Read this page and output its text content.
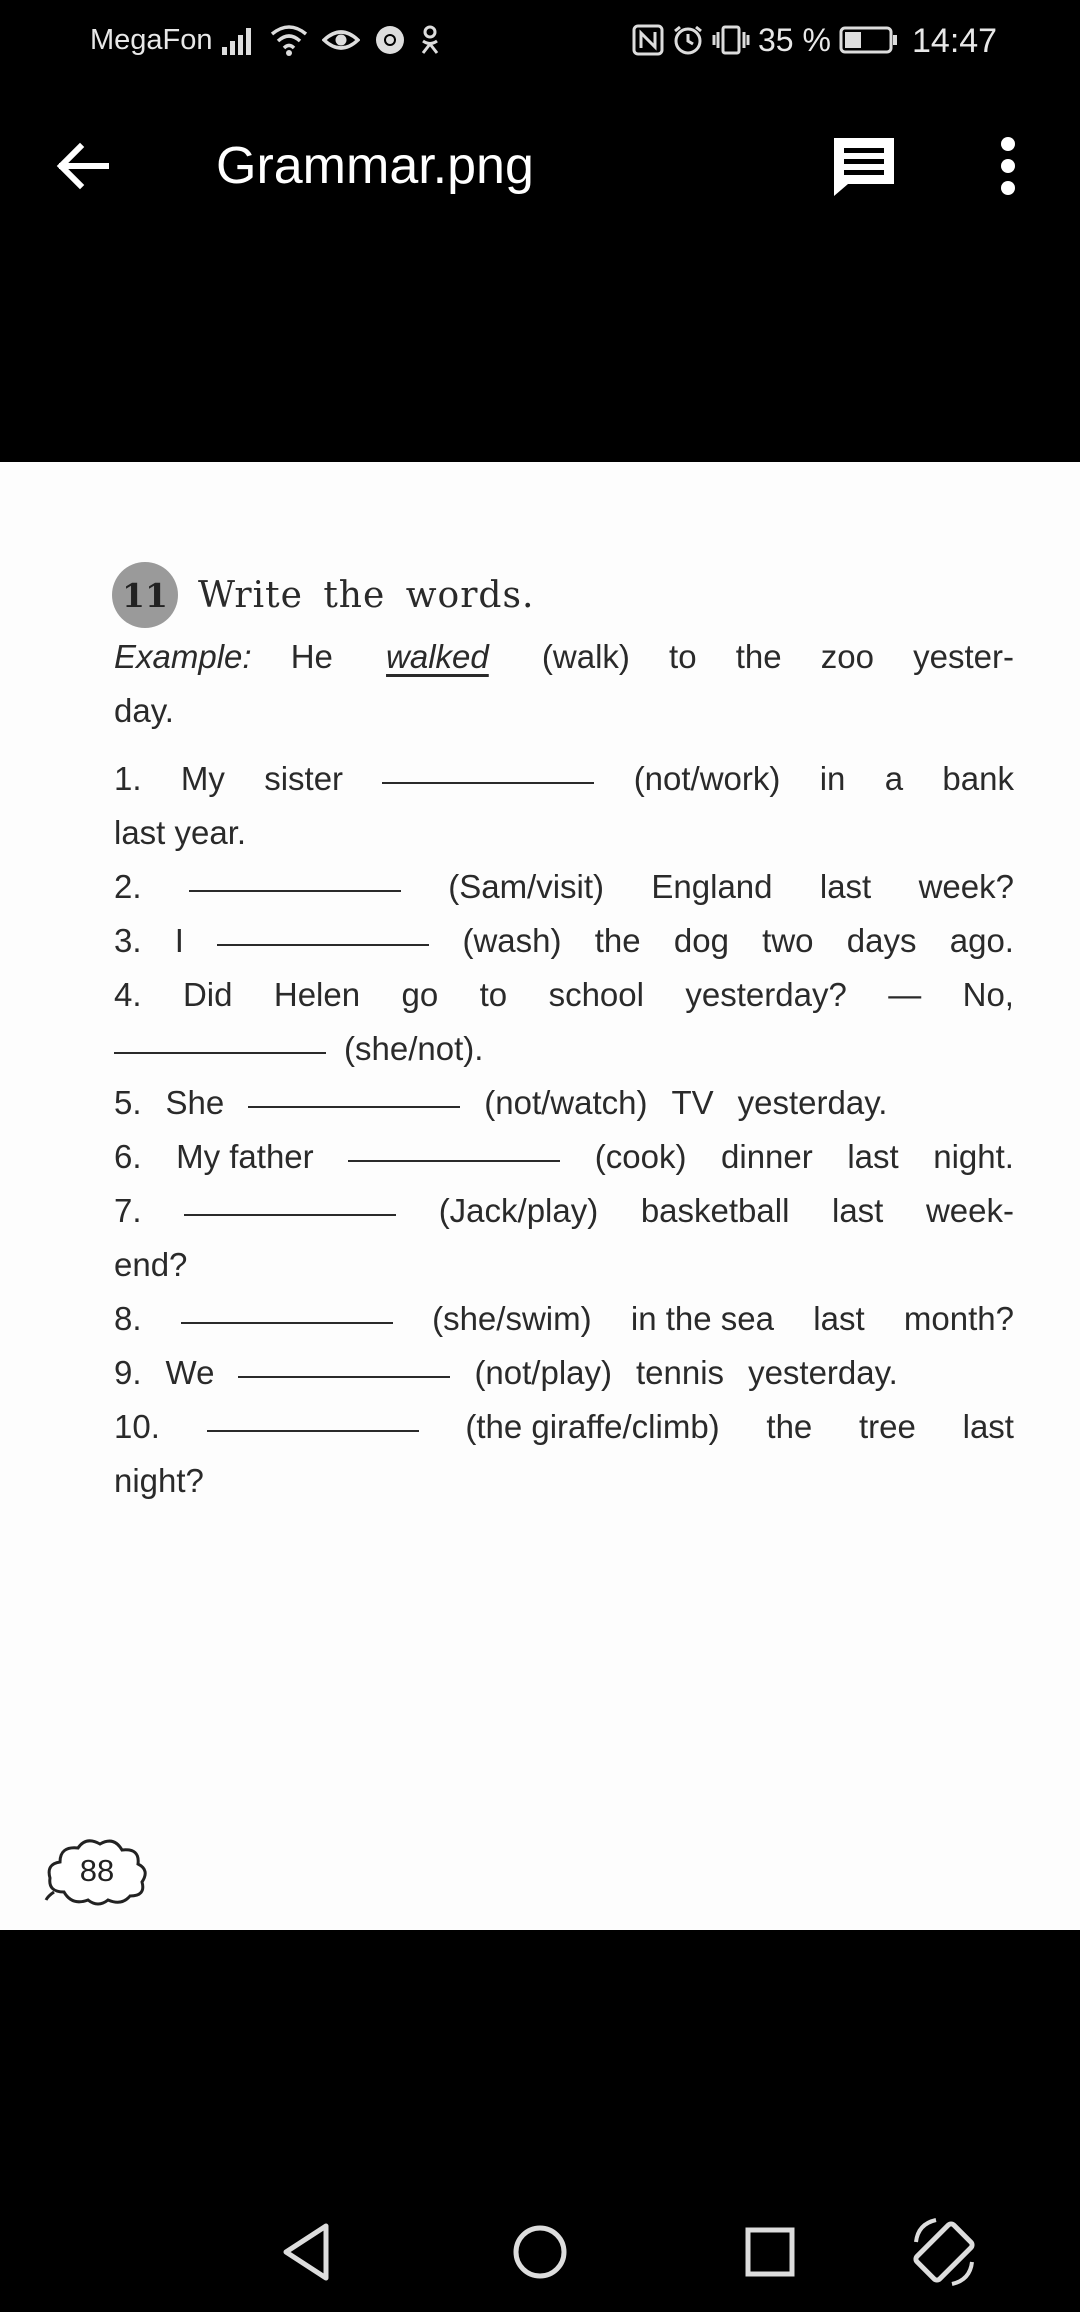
MegaFon	35 % 14:47
Grammar.png
11 Write the words.
Example: He	walked	(walk) to the zoo yester-
day.
1. My sister	(not/work) in a bank
last year.
2.	(Sam/visit) England last week?
3. I	(wash) the dog two days ago.
4. Did Helen go to school yesterday? — No,
(she/not).
5. She	(not/watch) TV yesterday.
6. My father	(cook) dinner last night.
7.	(Jack/play) basketball last week-
end?
8.	(she/swim) in the sea last month?
9. We	(not/play) tennis yesterday.
10.	(the giraffe/climb) the tree last
night?
88
